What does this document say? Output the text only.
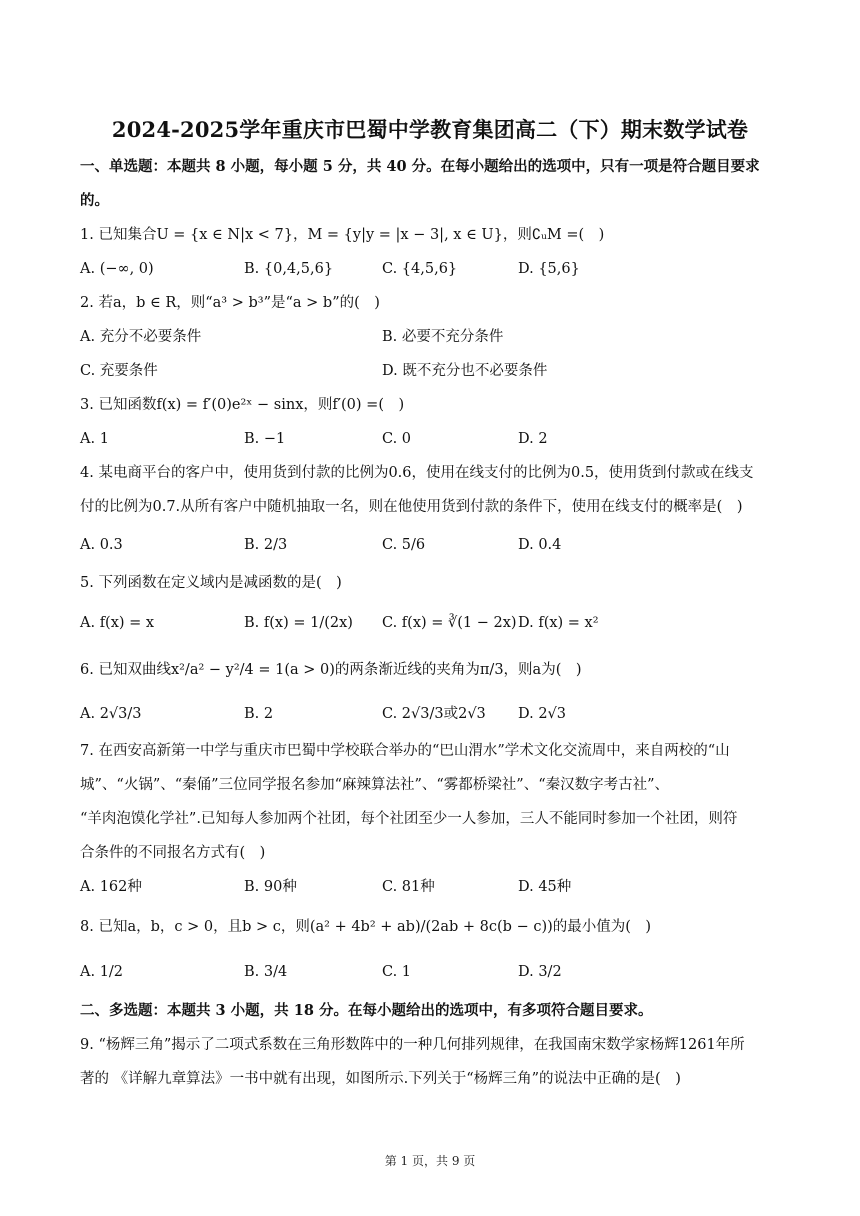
2024-2025学年重庆市巴蜀中学教育集团高二（下）期末数学试卷
一、单选题：本题共 8 小题，每小题 5 分，共 40 分。在每小题给出的选项中，只有一项是符合题目要求
的。
1. 已知集合U = {x ∈ N|x < 7}，M = {y|y = |x − 3|, x ∈ U}，则∁ᵤM =(　)
A. (−∞, 0)	B. {0,4,5,6}	C. {4,5,6}	D. {5,6}
2. 若a，b ∈ R，则“a³ > b³”是“a > b”的(　)
A. 充分不必要条件	B. 必要不充分条件
C. 充要条件	D. 既不充分也不必要条件
3. 已知函数f(x) = f′(0)e²ˣ − sinx，则f′(0) =(　)
A. 1	B. −1	C. 0	D. 2
4. 某电商平台的客户中，使用货到付款的比例为0.6，使用在线支付的比例为0.5，使用货到付款或在线支
付的比例为0.7.从所有客户中随机抽取一名，则在他使用货到付款的条件下，使用在线支付的概率是(　)
A. 0.3	B. 2/3	C. 5/6	D. 0.4
5. 下列函数在定义域内是减函数的是(　)
A. f(x) = x	B. f(x) = 1/(2x) C. f(x) = ∛(1 − 2x) D. f(x) = x²
6. 已知双曲线x²/a² − y²/4 = 1(a > 0)的两条渐近线的夹角为π/3，则a为(　)
A. 2√3/3	B. 2	C. 2√3/3或2√3 D. 2√3
7. 在西安高新第一中学与重庆市巴蜀中学校联合举办的“巴山渭水”学术文化交流周中，来自两校的“山
城”、“火锅”、“秦俑”三位同学报名参加“麻辣算法社”、“雾都桥梁社”、“秦汉数字考古社”、
“羊肉泡馍化学社”.已知每人参加两个社团，每个社团至少一人参加，三人不能同时参加一个社团，则符
合条件的不同报名方式有(　)
A. 162种	B. 90种	C. 81种	D. 45种
8. 已知a，b，c > 0，且b > c，则(a² + 4b² + ab)/(2ab + 8c(b − c))的最小值为(　)
A. 1/2	B. 3/4	C. 1	D. 3/2
二、多选题：本题共 3 小题，共 18 分。在每小题给出的选项中，有多项符合题目要求。
9. “杨辉三角”揭示了二项式系数在三角形数阵中的一种几何排列规律，在我国南宋数学家杨辉1261年所
著的 《详解九章算法》一书中就有出现，如图所示.下列关于“杨辉三角”的说法中正确的是(　)
第 1 页，共 9 页
